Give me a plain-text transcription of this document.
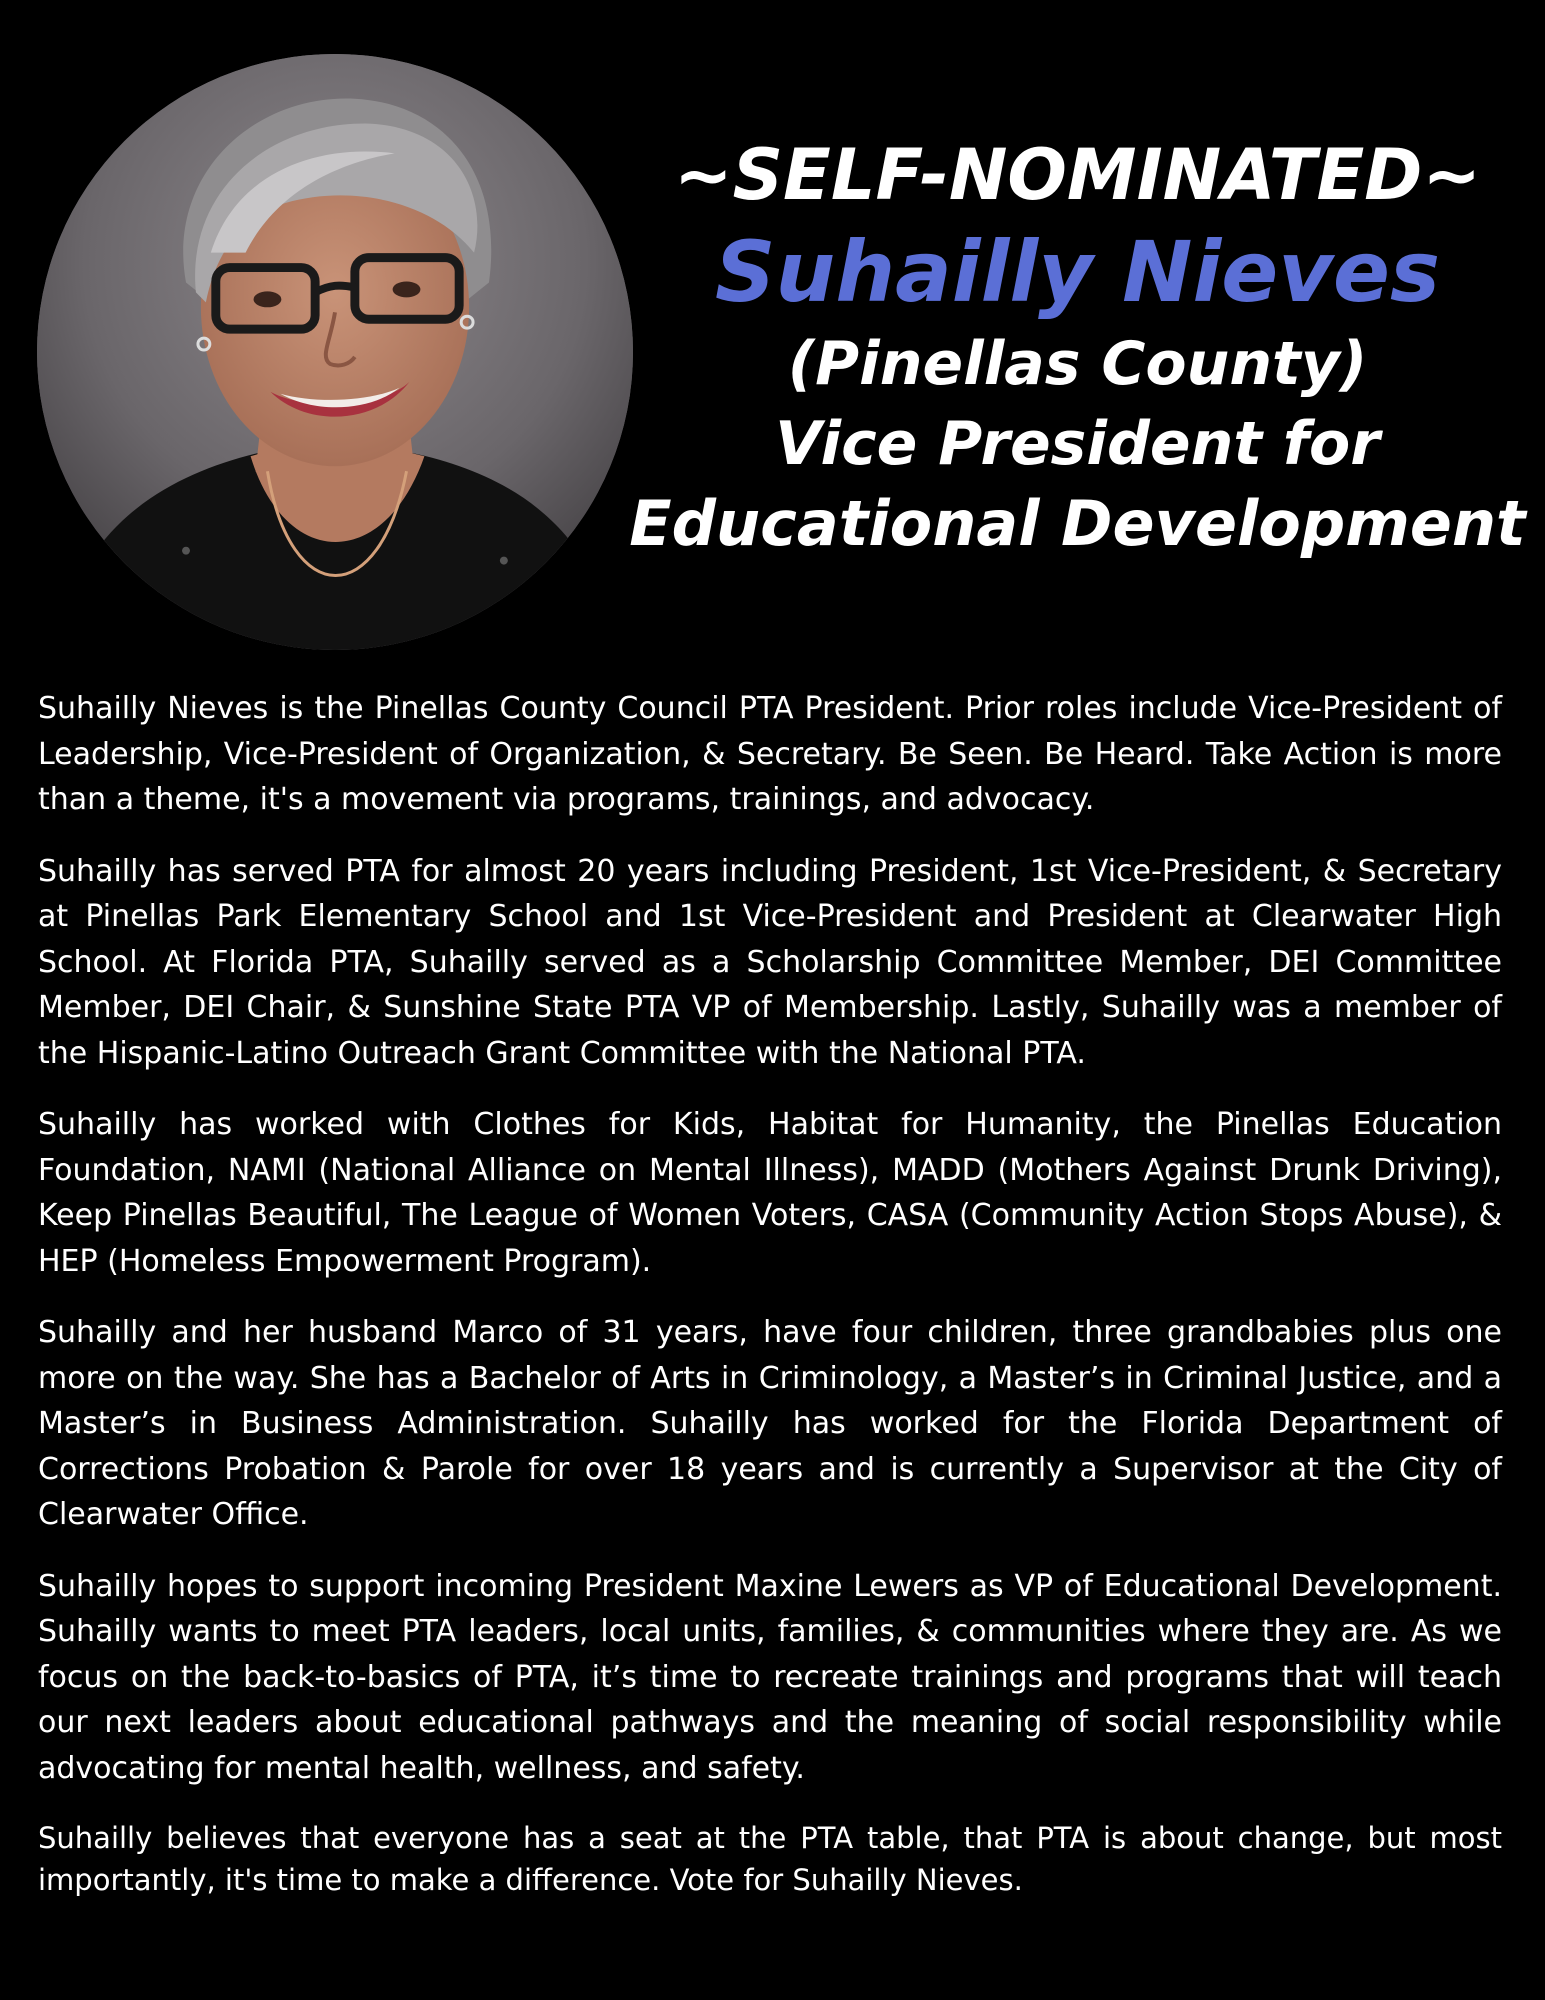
~SELF-NOMINATED~
Suhailly Nieves
(Pinellas County)
Vice President for
Educational Development

Suhailly Nieves is the Pinellas County Council PTA President. Prior roles include Vice-President of Leadership, Vice-President of Organization, & Secretary. Be Seen. Be Heard. Take Action is more than a theme, it's a movement via programs, trainings, and advocacy.

Suhailly has served PTA for almost 20 years including President, 1st Vice-President, & Secretary at Pinellas Park Elementary School and 1st Vice-President and President at Clearwater High School. At Florida PTA, Suhailly served as a Scholarship Committee Member, DEI Committee Member, DEI Chair, & Sunshine State PTA VP of Membership. Lastly, Suhailly was a member of the Hispanic-Latino Outreach Grant Committee with the National PTA.

Suhailly has worked with Clothes for Kids, Habitat for Humanity, the Pinellas Education Foundation, NAMI (National Alliance on Mental Illness), MADD (Mothers Against Drunk Driving), Keep Pinellas Beautiful, The League of Women Voters, CASA (Community Action Stops Abuse), & HEP (Homeless Empowerment Program).

Suhailly and her husband Marco of 31 years, have four children, three grandbabies plus one more on the way. She has a Bachelor of Arts in Criminology, a Master’s in Criminal Justice, and a Master’s in Business Administration. Suhailly has worked for the Florida Department of Corrections Probation & Parole for over 18 years and is currently a Supervisor at the City of Clearwater Office.

Suhailly hopes to support incoming President Maxine Lewers as VP of Educational Development. Suhailly wants to meet PTA leaders, local units, families, & communities where they are. As we focus on the back-to-basics of PTA, it’s time to recreate trainings and programs that will teach our next leaders about educational pathways and the meaning of social responsibility while advocating for mental health, wellness, and safety.

Suhailly believes that everyone has a seat at the PTA table, that PTA is about change, but most importantly, it's time to make a difference. Vote for Suhailly Nieves.
